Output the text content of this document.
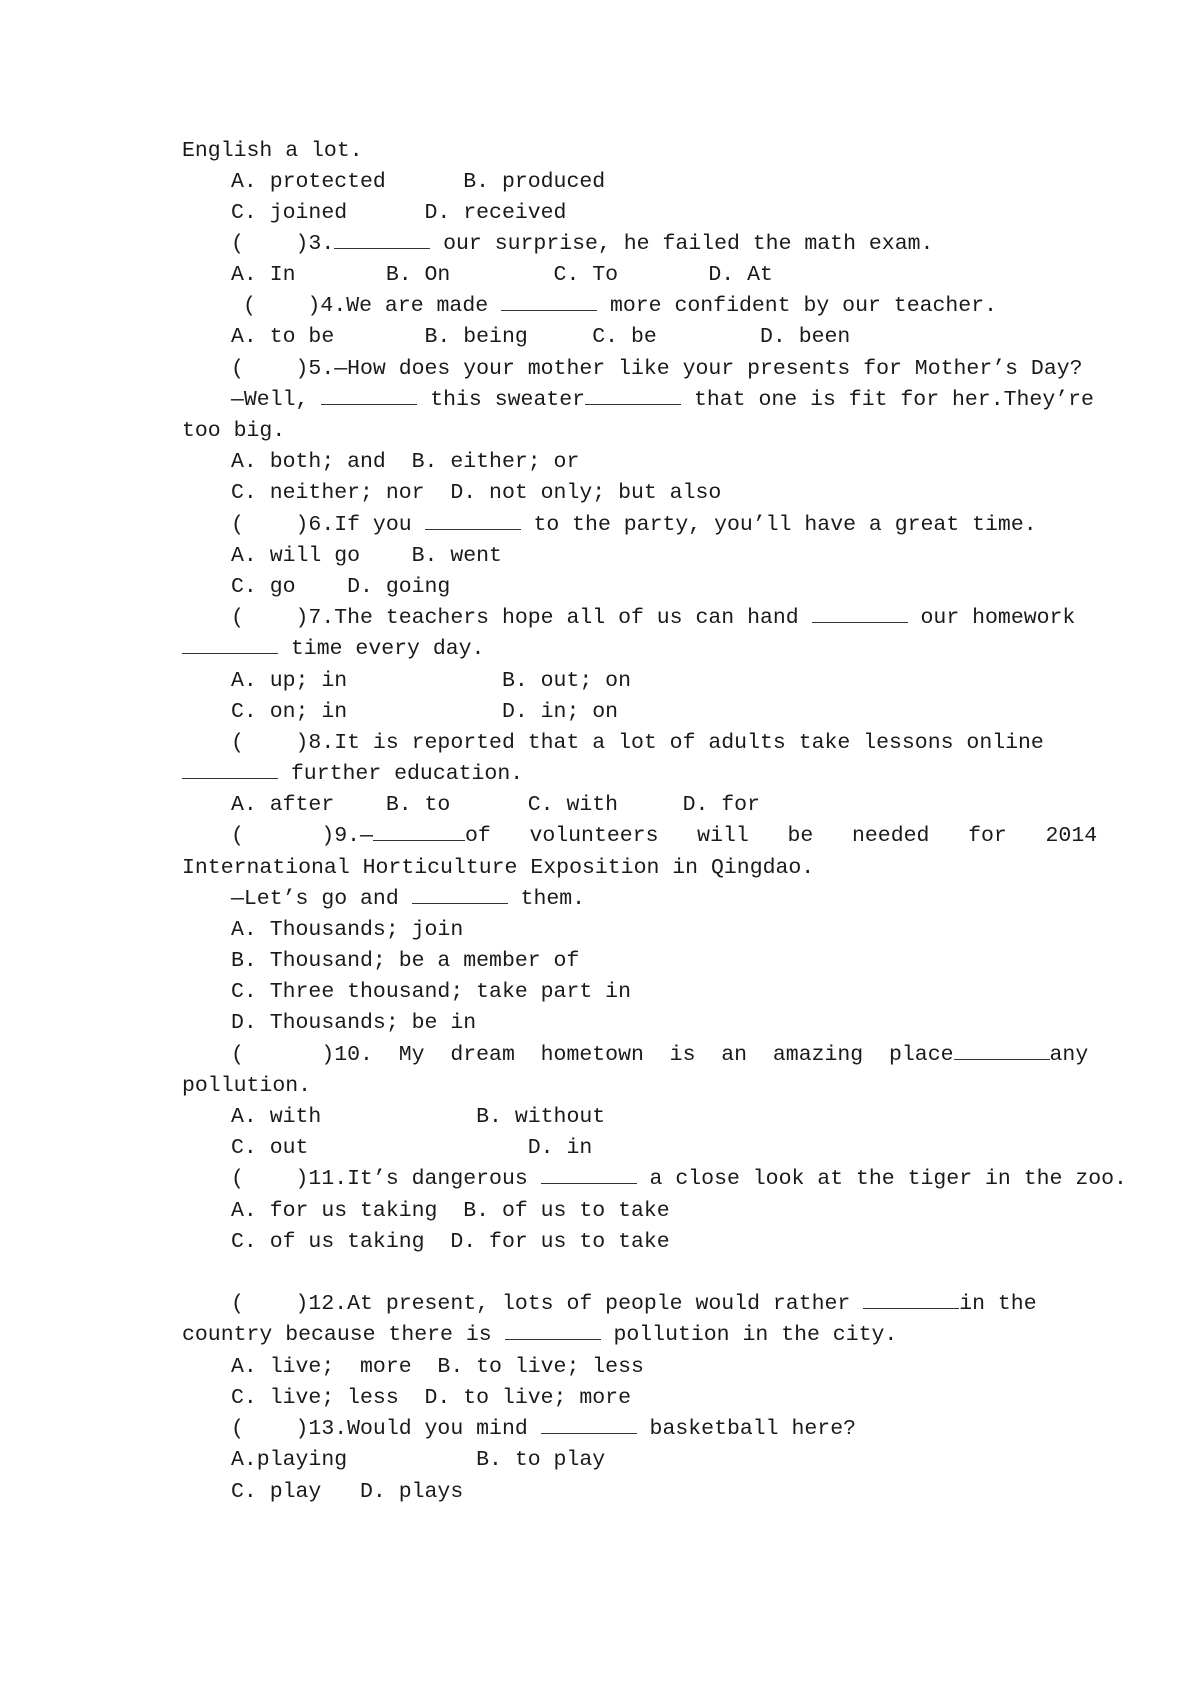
English a lot.
A. protected      B. produced
C. joined      D. received
(    )3.	our surprise, he failed the math exam.
A. In       B. On        C. To       D. At
(    )4.We are made	more confident by our teacher.
A. to be       B. being     C. be        D. been
(    )5.—How does your mother like your presents for Mother’s Day?
—Well,	this sweater	that one is fit for her.They’re
too big.
A. both; and  B. either; or
C. neither; nor  D. not only; but also
(    )6.If you	to the party, you’ll have a great time.
A. will go    B. went
C. go    D. going
(    )7.The teachers hope all of us can hand	our homework
time every day.
A. up; in            B. out; on
C. on; in            D. in; on
(    )8.It is reported that a lot of adults take lessons online
further education.
A. after    B. to      C. with     D. for
(      )9.—	of   volunteers   will   be   needed   for   2014
International Horticulture Exposition in Qingdao.
—Let’s go and	them.
A. Thousands; join
B. Thousand; be a member of
C. Three thousand; take part in
D. Thousands; be in
(      )10.  My  dream  hometown  is  an  amazing  place	any
pollution.
A. with            B. without
C. out                 D. in
(    )11.It’s dangerous	a close look at the tiger in the zoo.
A. for us taking  B. of us to take
C. of us taking  D. for us to take
(    )12.At present, lots of people would rather	in the
country because there is	pollution in the city.
A. live;  more  B. to live; less
C. live; less  D. to live; more
(    )13.Would you mind	basketball here?
A.playing          B. to play
C. play   D. plays
